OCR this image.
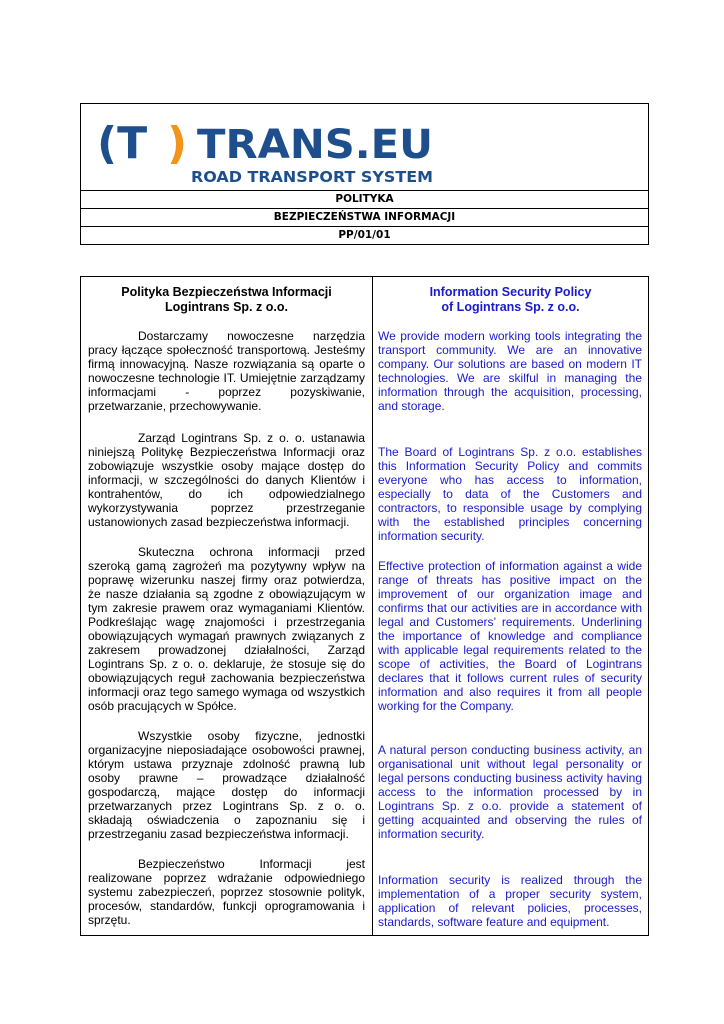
(T ) TRANS.EU
ROAD TRANSPORT SYSTEM
POLITYKA
BEZPIECZEŃSTWA INFORMACJI
PP/01/01
Polityka Bezpieczeństwa Informacji
Logintrans Sp. z o.o.

Dostarczamy nowoczesne narzędzia pracy łączące społeczność transportową. Jesteśmy firmą innowacyjną. Nasze rozwiązania są oparte o nowoczesne technologie IT. Umiejętnie zarządzamy informacjami - poprzez pozyskiwanie, przetwarzanie, przechowywanie.

Zarząd Logintrans Sp. z o. o. ustanawia niniejszą Politykę Bezpieczeństwa Informacji oraz zobowiązuje wszystkie osoby mające dostęp do informacji, w szczególności do danych Klientów i kontrahentów, do ich odpowiedzialnego wykorzystywania poprzez przestrzeganie ustanowionych zasad bezpieczeństwa informacji.

Skuteczna ochrona informacji przed szeroką gamą zagrożeń ma pozytywny wpływ na poprawę wizerunku naszej firmy oraz potwierdza, że nasze działania są zgodne z obowiązującym w tym zakresie prawem oraz wymaganiami Klientów. Podkreślając wagę znajomości i przestrzegania obowiązujących wymagań prawnych związanych z zakresem prowadzonej działalności, Zarząd Logintrans Sp. z o. o. deklaruje, że stosuje się do obowiązujących reguł zachowania bezpieczeństwa informacji oraz tego samego wymaga od wszystkich osób pracujących w Spółce.

Wszystkie osoby fizyczne, jednostki organizacyjne nieposiadające osobowości prawnej, którym ustawa przyznaje zdolność prawną lub osoby prawne – prowadzące działalność gospodarczą, mające dostęp do informacji przetwarzanych przez Logintrans Sp. z o. o. składają oświadczenia o zapoznaniu się i przestrzeganiu zasad bezpieczeństwa informacji.

Bezpieczeństwo Informacji jest realizowane poprzez wdrażanie odpowiedniego systemu zabezpieczeń, poprzez stosownie polityk, procesów, standardów, funkcji oprogramowania i sprzętu.

Information Security Policy
of Logintrans Sp. z o.o.

We provide modern working tools integrating the transport community. We are an innovative company. Our solutions are based on modern IT technologies. We are skilful in managing the information through the acquisition, processing, and storage.

The Board of Logintrans Sp. z o.o. establishes this Information Security Policy and commits everyone who has access to information, especially to data of the Customers and contractors, to responsible usage by complying with the established principles concerning information security.

Effective protection of information against a wide range of threats has positive impact on the improvement of our organization image and confirms that our activities are in accordance with legal and Customers’ requirements. Underlining the importance of knowledge and compliance with applicable legal requirements related to the scope of activities, the Board of Logintrans declares that it follows current rules of security information and also requires it from all people working for the Company.

A natural person conducting business activity, an organisational unit without legal personality or legal persons conducting business activity having access to the information processed by in Logintrans Sp. z o.o. provide a statement of getting acquainted and observing the rules of information security.

Information security is realized through the implementation of a proper security system, application of relevant policies, processes, standards, software feature and equipment.
